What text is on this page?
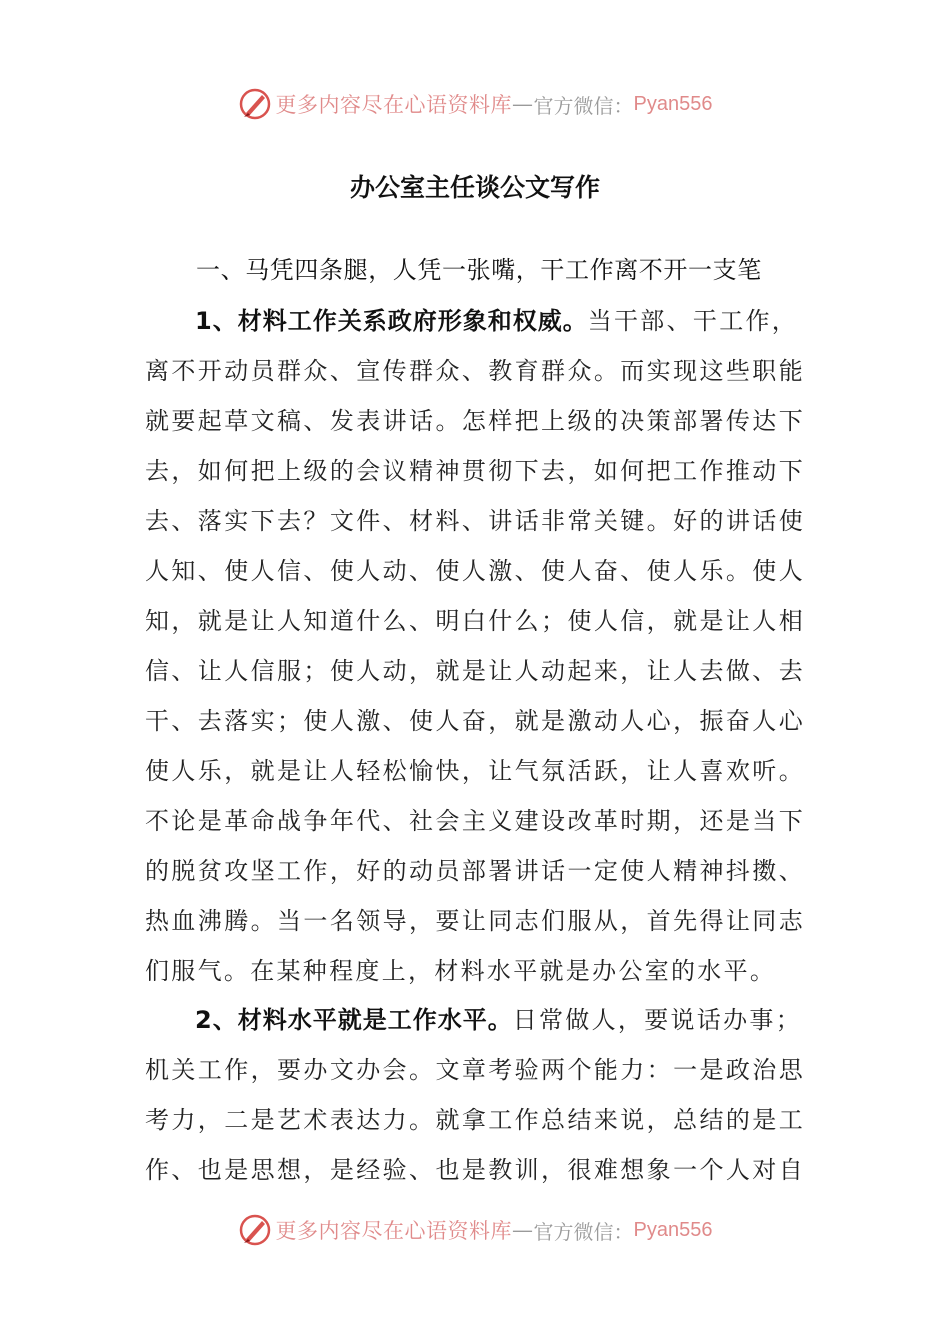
更多内容尽在心语资料库 — 官方微信： Pyan556
办公室主任谈公文写作
一、马凭四条腿，人凭一张嘴，干工作离不开一支笔
1、材料工作关系政府形象和权威。当干部、干工作，
离不开动员群众、宣传群众、教育群众。而实现这些职能
就要起草文稿、发表讲话。怎样把上级的决策部署传达下
去，如何把上级的会议精神贯彻下去，如何把工作推动下
去、落实下去？文件、材料、讲话非常关键。好的讲话使
人知、使人信、使人动、使人激、使人奋、使人乐。使人
知，就是让人知道什么、明白什么；使人信，就是让人相
信、让人信服；使人动，就是让人动起来，让人去做、去
干、去落实；使人激、使人奋，就是激动人心，振奋人心
使人乐，就是让人轻松愉快，让气氛活跃，让人喜欢听。
不论是革命战争年代、社会主义建设改革时期，还是当下
的脱贫攻坚工作，好的动员部署讲话一定使人精神抖擞、
热血沸腾。当一名领导，要让同志们服从，首先得让同志
们服气。在某种程度上，材料水平就是办公室的水平。
2、材料水平就是工作水平。日常做人，要说话办事；
机关工作，要办文办会。文章考验两个能力：一是政治思
考力，二是艺术表达力。就拿工作总结来说，总结的是工
作、也是思想，是经验、也是教训，很难想象一个人对自
更多内容尽在心语资料库 — 官方微信： Pyan556
